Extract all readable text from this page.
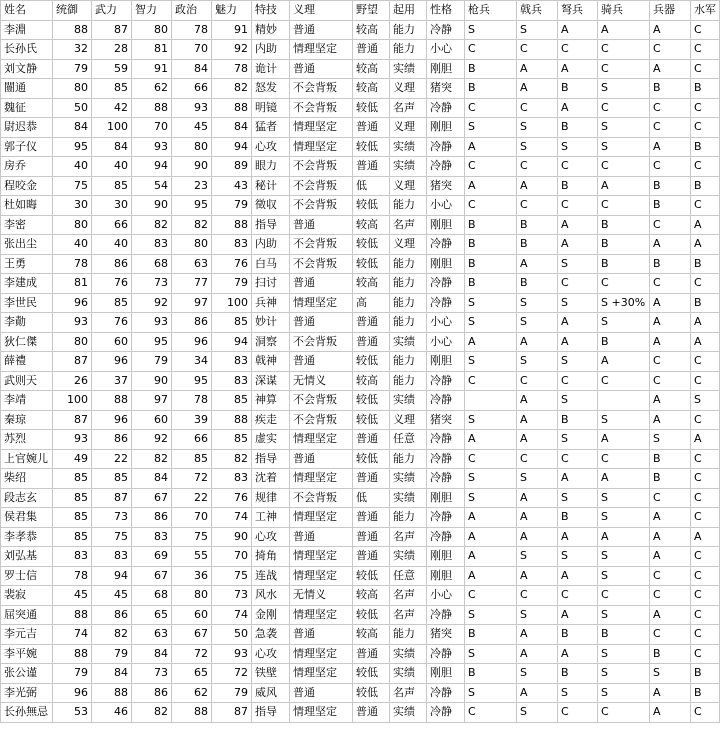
姓名	统御	武力	智力	政治	魅力	特技	义理	野望	起用	性格	枪兵	戟兵	弩兵	骑兵	兵器	水军
李淵	88	87	80	78	91	精妙	普通	较高	能力	冷静	S	S	A	A	A	C
长孙氏	32	28	81	70	92	内助	情理坚定	普通	能力	小心	C	C	C	C	C	C
刘文静	79	59	91	84	78	诡计	普通	较高	实绩	刚胆	B	A	A	C	A	C
闓通	80	85	62	66	82	怒发	不会背叛	较高	义理	猪突	B	A	B	S	B	B
魏征	50	42	88	93	88	明镜	不会背叛	较低	名声	冷静	C	C	A	C	C	C
尉迟恭	84	100	70	45	84	猛者	情理坚定	普通	义理	刚胆	S	S	B	S	C	C
郭子仪	95	84	93	80	94	心攻	情理坚定	较低	实绩	冷静	A	S	S	S	A	B
房乔	40	40	94	90	89	眼力	不会背叛	普通	实绩	冷静	C	C	C	C	C	C
程咬金	75	85	54	23	43	秘计	不会背叛	低	义理	猪突	A	A	B	A	B	B
杜如晦	30	30	90	95	79	徵収	不会背叛	较低	能力	小心	C	C	C	C	B	C
李密	80	66	82	82	88	指导	普通	较高	名声	刚胆	B	B	A	B	C	A
张出尘	40	40	83	80	83	内助	不会背叛	较低	义理	冷静	B	B	A	B	A	A
王勇	78	86	68	63	76	白马	不会背叛	较低	能力	刚胆	B	A	S	B	B	B
李建成	81	76	73	77	79	扫讨	普通	较高	能力	冷静	B	B	C	C	C	C
李世民	96	85	92	97	100	兵神	情理坚定	高	能力	冷静	S	S	S	S +30%	A	B
李勣	93	76	93	86	85	妙计	普通	普通	能力	小心	S	S	A	S	A	A
狄仁傑	80	60	95	96	94	洞察	不会背叛	普通	实绩	小心	A	A	A	B	A	A
薛禮	87	96	79	34	83	戟神	普通	较低	能力	刚胆	S	S	S	A	C	C
武则天	26	37	90	95	83	深谋	无情义	较高	能力	冷静	C	C	C	C	C	C
李靖	100	88	97	78	85	神算	不会背叛	较低	实绩	冷静		A	S		A	S
秦琼	87	96	60	39	88	疾走	不会背叛	较低	义理	猪突	S	A	B	S	A	C
苏烈	93	86	92	66	85	虚实	情理坚定	普通	任意	冷静	A	A	S	A	S	A
上官婉儿	49	22	82	85	82	指导	普通	较低	能力	冷静	C	C	C	C	B	C
柴绍	85	85	84	72	83	沈着	情理坚定	普通	实绩	冷静	S	S	A	A	B	C
段志玄	85	87	67	22	76	规律	不会背叛	低	实绩	刚胆	S	A	S	S	C	C
侯君集	85	73	86	70	74	工神	情理坚定	普通	能力	冷静	A	A	B	S	A	C
李孝恭	85	75	83	75	90	心攻	普通	普通	名声	冷静	A	A	A	A	A	A
刘弘基	83	83	69	55	70	掎角	情理坚定	普通	实绩	刚胆	A	S	S	S	A	C
罗士信	78	94	67	36	75	连战	情理坚定	较低	任意	刚胆	A	A	A	S	C	C
裴寂	45	45	68	80	73	风水	无情义	较高	名声	小心	C	C	C	C	C	C
屈突通	88	86	65	60	74	金刚	情理坚定	较低	名声	冷静	S	S	A	S	A	C
李元吉	74	82	63	67	50	急袭	普通	较高	能力	猪突	B	A	B	B	C	C
李平婉	88	79	84	72	93	心攻	情理坚定	普通	实绩	冷静	S	A	A	S	B	C
张公谨	79	84	73	65	72	铁壁	情理坚定	较低	实绩	刚胆	B	S	B	S	S	B
李光弼	96	88	86	62	79	威风	普通	较低	名声	冷静	S	A	S	S	A	B
长孙無忌	53	46	82	88	87	指导	情理坚定	普通	实绩	冷静	C	S	C	C	A	C
